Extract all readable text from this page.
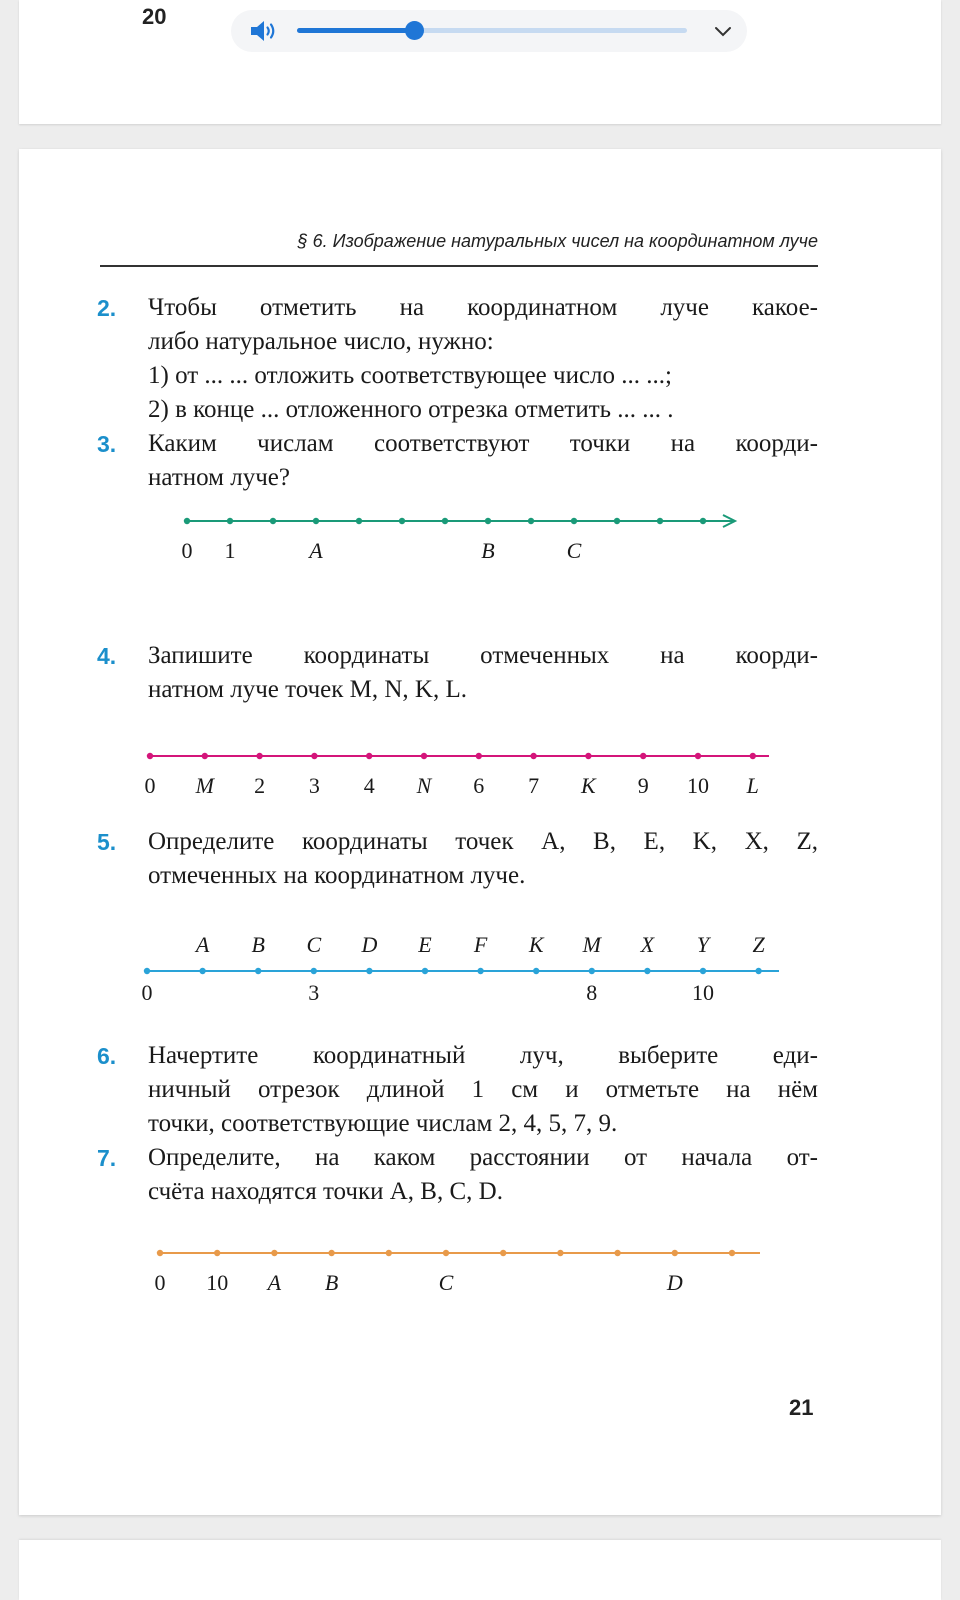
20
§ 6. Изображение натуральных чисел на координатном луче
2. Чтобы отметить на координатном луче какое-
либо натуральное число, нужно:
1) от ... ... отложить соответствующее число ... ...;
2) в конце ... отложенного отрезка отметить ... ... .
3. Каким числам соответствуют точки на коорди-
натном луче?
0 1	A	B	C
4. Запишите координаты отмеченных на коорди-
натном луче точек M, N, K, L.
0 M 2 3 4 N 6 7 K 9 10 L
5. Определите координаты точек A, B, E, K, X, Z,
отмеченных на координатном луче.
0
A B C
3
D E F K M
8
X Y
10
Z
6. Начертите координатный луч, выберите еди-
ничный отрезок длиной 1 см и отметьте на нём
точки, соответствующие числам 2, 4, 5, 7, 9.
7. Определите, на каком расстоянии от начала от-
счёта находятся точки A, B, C, D.
0 10 A B	C	D
21
